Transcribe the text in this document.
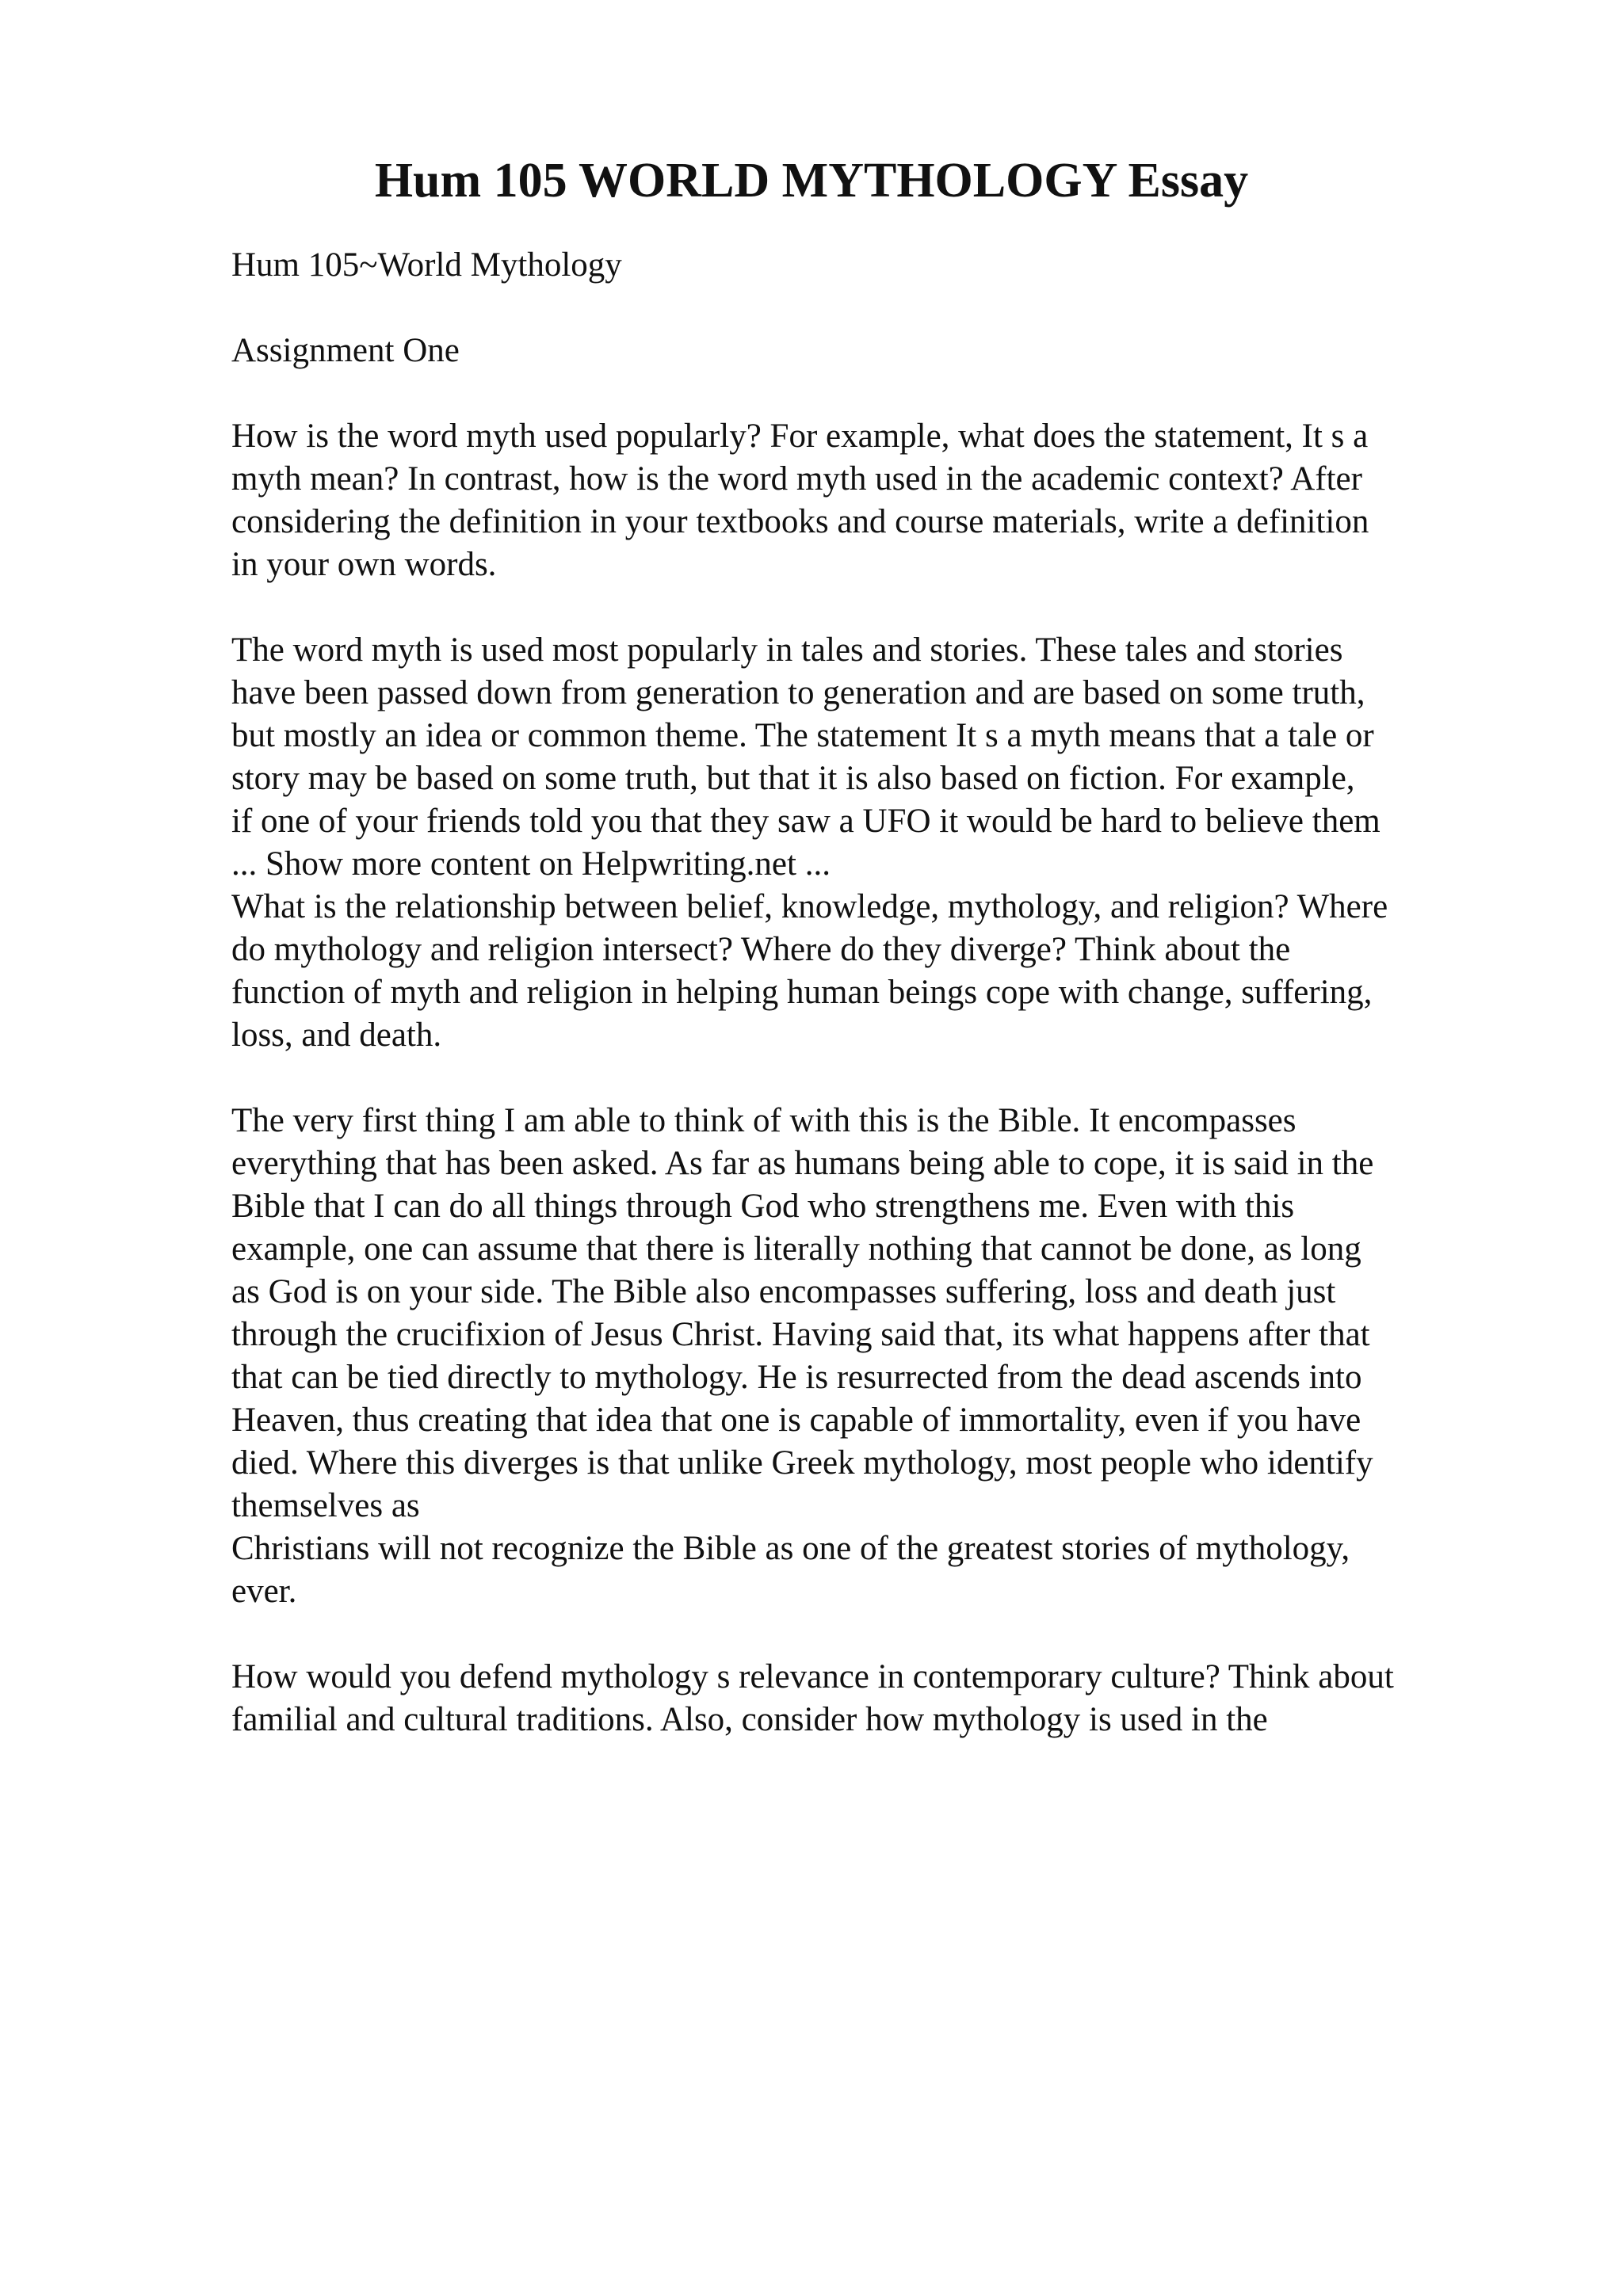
Hum 105 WORLD MYTHOLOGY Essay

Hum 105~World Mythology

Assignment One

How is the word myth used popularly? For example, what does the statement, It s a
myth mean? In contrast, how is the word myth used in the academic context? After
considering the definition in your textbooks and course materials, write a definition
in your own words.

The word myth is used most popularly in tales and stories. These tales and stories
have been passed down from generation to generation and are based on some truth,
but mostly an idea or common theme. The statement It s a myth means that a tale or
story may be based on some truth, but that it is also based on fiction. For example,
if one of your friends told you that they saw a UFO it would be hard to believe them

... Show more content on Helpwriting.net ...

What is the relationship between belief, knowledge, mythology, and religion? Where
do mythology and religion intersect? Where do they diverge? Think about the
function of myth and religion in helping human beings cope with change, suffering,
loss, and death.

The very first thing I am able to think of with this is the Bible. It encompasses
everything that has been asked. As far as humans being able to cope, it is said in the
Bible that I can do all things through God who strengthens me. Even with this
example, one can assume that there is literally nothing that cannot be done, as long
as God is on your side. The Bible also encompasses suffering, loss and death just
through the crucifixion of Jesus Christ. Having said that, its what happens after that
that can be tied directly to mythology. He is resurrected from the dead ascends into
Heaven, thus creating that idea that one is capable of immortality, even if you have
died. Where this diverges is that unlike Greek mythology, most people who identify
themselves as

Christians will not recognize the Bible as one of the greatest stories of mythology,
ever.

How would you defend mythology s relevance in contemporary culture? Think about
familial and cultural traditions. Also, consider how mythology is used in the
